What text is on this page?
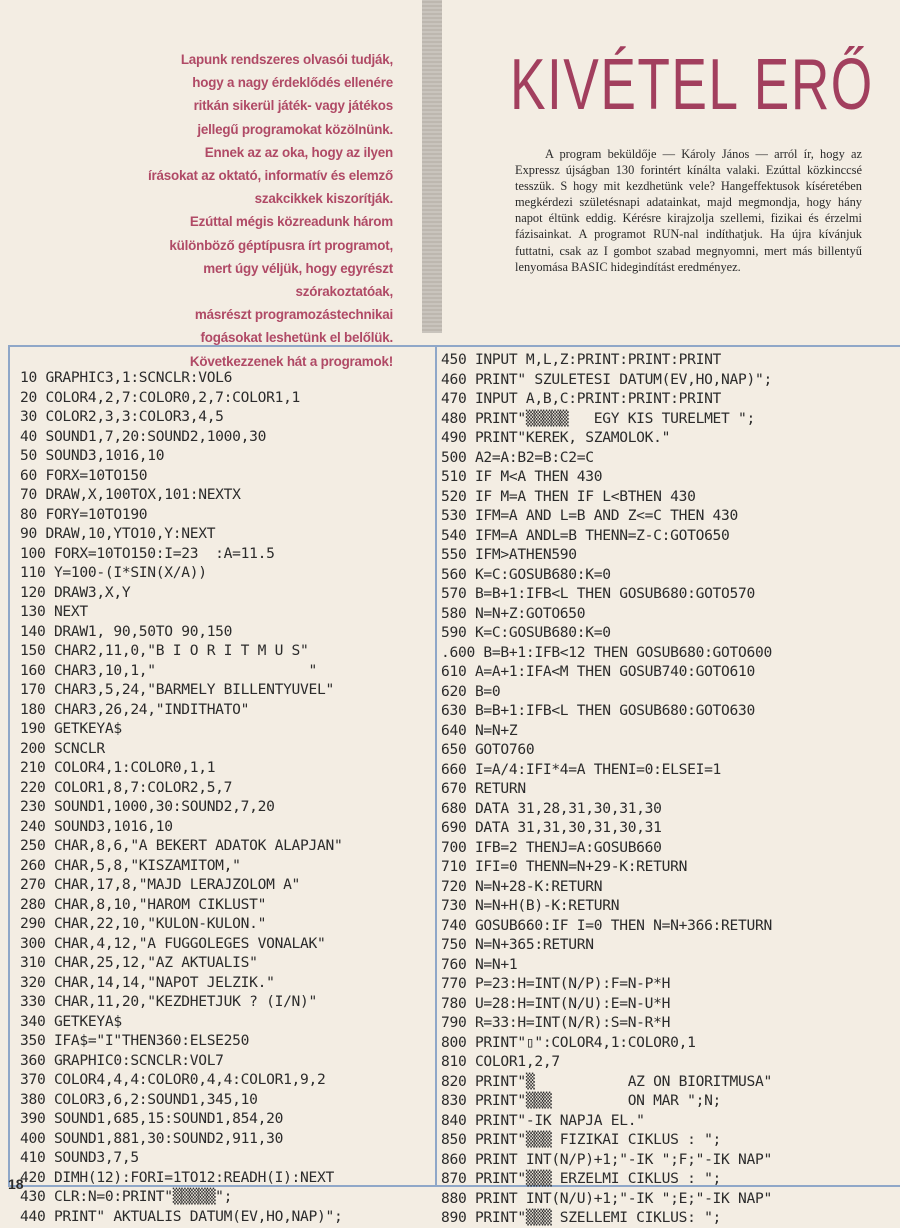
Lapunk rendszeres olvasói tudják,
hogy a nagy érdeklődés ellenére
ritkán sikerül játék- vagy játékos
jellegű programokat közölnünk.
Ennek az az oka, hogy az ilyen
írásokat az oktató, informatív és elemző
szakcikkek kiszorítják.
Ezúttal mégis közreadunk három
különböző géptípusra írt programot,
mert úgy véljük, hogy egyrészt
szórakoztatóak,
másrészt programozástechnikai
fogásokat leshetünk el belőlük.
Következzenek hát a programok!
KIVÉTEL ERŐ
A program beküldője — Károly János — arról ír, hogy az Expressz újságban 130 forintért kínálta valaki. Ezúttal közkinccsé tesszük. S hogy mit kezdhetünk vele? Hangeffektusok kíséretében megkérdezi születésnapi adatainkat, majd megmondja, hogy hány napot éltünk eddig. Kérésre kirajzolja szellemi, fizikai és érzelmi fázisainkat. A programot RUN-nal indíthatjuk. Ha újra kívánjuk futtatni, csak az I gombot szabad megnyomni, mert más billentyű lenyomása BASIC hidegindítást eredményez.
10 GRAPHIC3,1:SCNCLR:VOL6
20 COLOR4,2,7:COLOR0,2,7:COLOR1,1
30 COLOR2,3,3:COLOR3,4,5
40 SOUND1,7,20:SOUND2,1000,30
50 SOUND3,1016,10
60 FORX=10TO150
70 DRAW,X,100TOX,101:NEXTX
80 FORY=10TO190
90 DRAW,10,YTO10,Y:NEXT
100 FORX=10TO150:I=23  :A=11.5
110 Y=100-(I*SIN(X/A))
120 DRAW3,X,Y
130 NEXT
140 DRAW1, 90,50TO 90,150
150 CHAR2,11,0,"B I O R I T M U S"
160 CHAR3,10,1,"                  "
170 CHAR3,5,24,"BARMELY BILLENTYUVEL"
180 CHAR3,26,24,"INDITHATO"
190 GETKEYA$
200 SCNCLR
210 COLOR4,1:COLOR0,1,1
220 COLOR1,8,7:COLOR2,5,7
230 SOUND1,1000,30:SOUND2,7,20
240 SOUND3,1016,10
250 CHAR,8,6,"A BEKERT ADATOK ALAPJAN"
260 CHAR,5,8,"KISZAMITOM,"
270 CHAR,17,8,"MAJD LERAJZOLOM A"
280 CHAR,8,10,"HAROM CIKLUST"
290 CHAR,22,10,"KULON-KULON."
300 CHAR,4,12,"A FUGGOLEGES VONALAK"
310 CHAR,25,12,"AZ AKTUALIS"
320 CHAR,14,14,"NAPOT JELZIK."
330 CHAR,11,20,"KEZDHETJUK ? (I/N)"
340 GETKEYA$
350 IFA$="I"THEN360:ELSE250
360 GRAPHIC0:SCNCLR:VOL7
370 COLOR4,4,4:COLOR0,4,4:COLOR1,9,2
380 COLOR3,6,2:SOUND1,345,10
390 SOUND1,685,15:SOUND1,854,20
400 SOUND1,881,30:SOUND2,911,30
410 SOUND3,7,5
420 DIMH(12):FORI=1TO12:READH(I):NEXT
430 CLR:N=0:PRINT"▒▒▒▒▒";
440 PRINT" AKTUALIS DATUM(EV,HO,NAP)";
450 INPUT M,L,Z:PRINT:PRINT:PRINT
460 PRINT" SZULETESI DATUM(EV,HO,NAP)";
470 INPUT A,B,C:PRINT:PRINT:PRINT
480 PRINT"▒▒▒▒▒   EGY KIS TURELMET ";
490 PRINT"KEREK, SZAMOLOK."
500 A2=A:B2=B:C2=C
510 IF M<A THEN 430
520 IF M=A THEN IF L<BTHEN 430
530 IFM=A AND L=B AND Z<=C THEN 430
540 IFM=A ANDL=B THENN=Z-C:GOTO650
550 IFM>ATHEN590
560 K=C:GOSUB680:K=0
570 B=B+1:IFB<L THEN GOSUB680:GOTO570
580 N=N+Z:GOTO650
590 K=C:GOSUB680:K=0
.600 B=B+1:IFB<12 THEN GOSUB680:GOTO600
610 A=A+1:IFA<M THEN GOSUB740:GOTO610
620 B=0
630 B=B+1:IFB<L THEN GOSUB680:GOTO630
640 N=N+Z
650 GOTO760
660 I=A/4:IFI*4=A THENI=0:ELSEI=1
670 RETURN
680 DATA 31,28,31,30,31,30
690 DATA 31,31,30,31,30,31
700 IFB=2 THENJ=A:GOSUB660
710 IFI=0 THENN=N+29-K:RETURN
720 N=N+28-K:RETURN
730 N=N+H(B)-K:RETURN
740 GOSUB660:IF I=0 THEN N=N+366:RETURN
750 N=N+365:RETURN
760 N=N+1
770 P=23:H=INT(N/P):F=N-P*H
780 U=28:H=INT(N/U):E=N-U*H
790 R=33:H=INT(N/R):S=N-R*H
800 PRINT"▯":COLOR4,1:COLOR0,1
810 COLOR1,2,7
820 PRINT"▒           AZ ON BIORITMUSA"
830 PRINT"▒▒▒         ON MAR ";N;
840 PRINT"-IK NAPJA EL."
850 PRINT"▒▒▒ FIZIKAI CIKLUS : ";
860 PRINT INT(N/P)+1;"-IK ";F;"-IK NAP"
870 PRINT"▒▒▒ ERZELMI CIKLUS : ";
880 PRINT INT(N/U)+1;"-IK ";E;"-IK NAP"
890 PRINT"▒▒▒ SZELLEMI CIKLUS: ";
18
